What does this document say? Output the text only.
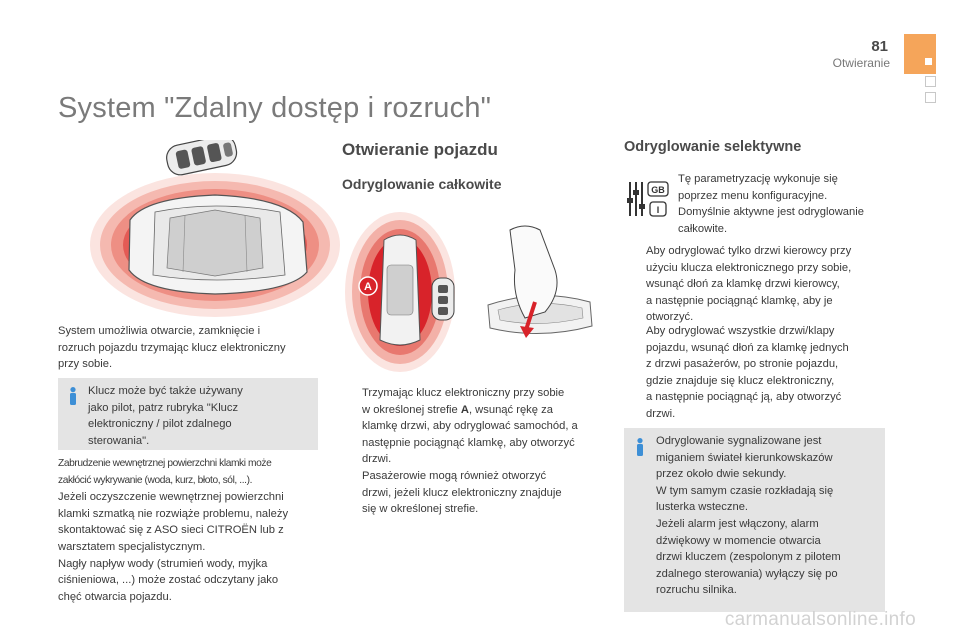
81
Otwieranie
System "Zdalny dostęp i rozruch"
System umożliwia otwarcie, zamknięcie i
rozruch pojazdu trzymając klucz elektroniczny
przy sobie.
Klucz może być także używany
jako pilot, patrz rubryka "Klucz
elektroniczny / pilot zdalnego
sterowania".
Zabrudzenie wewnętrznej powierzchni klamki może
zakłócić wykrywanie (woda, kurz, błoto, sól, ...).
Jeżeli oczyszczenie wewnętrznej powierzchni
klamki szmatką nie rozwiąże problemu, należy
skontaktować się z ASO sieci CITROËN lub z
warsztatem specjalistycznym.
Nagły napływ wody (strumień wody, myjka
ciśnieniowa, ...) może zostać odczytany jako
chęć otwarcia pojazdu.
Otwieranie pojazdu
Odryglowanie całkowite
A
Trzymając klucz elektroniczny przy sobie
w określonej strefie A, wsunąć rękę za
klamkę drzwi, aby odryglować samochód, a
następnie pociągnąć klamkę, aby otworzyć
drzwi.
Pasażerowie mogą również otworzyć
drzwi, jeżeli klucz elektroniczny znajduje
się w określonej strefie.
Odryglowanie selektywne
GB
I
Tę parametryzację wykonuje się
poprzez menu konfiguracyjne.
Domyślnie aktywne jest odryglowanie
całkowite.
Aby odryglować tylko drzwi kierowcy przy
użyciu klucza elektronicznego przy sobie,
wsunąć dłoń za klamkę drzwi kierowcy,
a następnie pociągnąć klamkę, aby je
otworzyć.
Aby odryglować wszystkie drzwi/klapy
pojazdu, wsunąć dłoń za klamkę jednych
z drzwi pasażerów, po stronie pojazdu,
gdzie znajduje się klucz elektroniczny,
a następnie pociągnąć ją, aby otworzyć
drzwi.
Odryglowanie sygnalizowane jest
miganiem świateł kierunkowskazów
przez około dwie sekundy.
W tym samym czasie rozkładają się
lusterka wsteczne.
Jeżeli alarm jest włączony, alarm
dźwiękowy w momencie otwarcia
drzwi kluczem (zespolonym z pilotem
zdalnego sterowania) wyłączy się po
rozruchu silnika.
carmanualsonline.info
